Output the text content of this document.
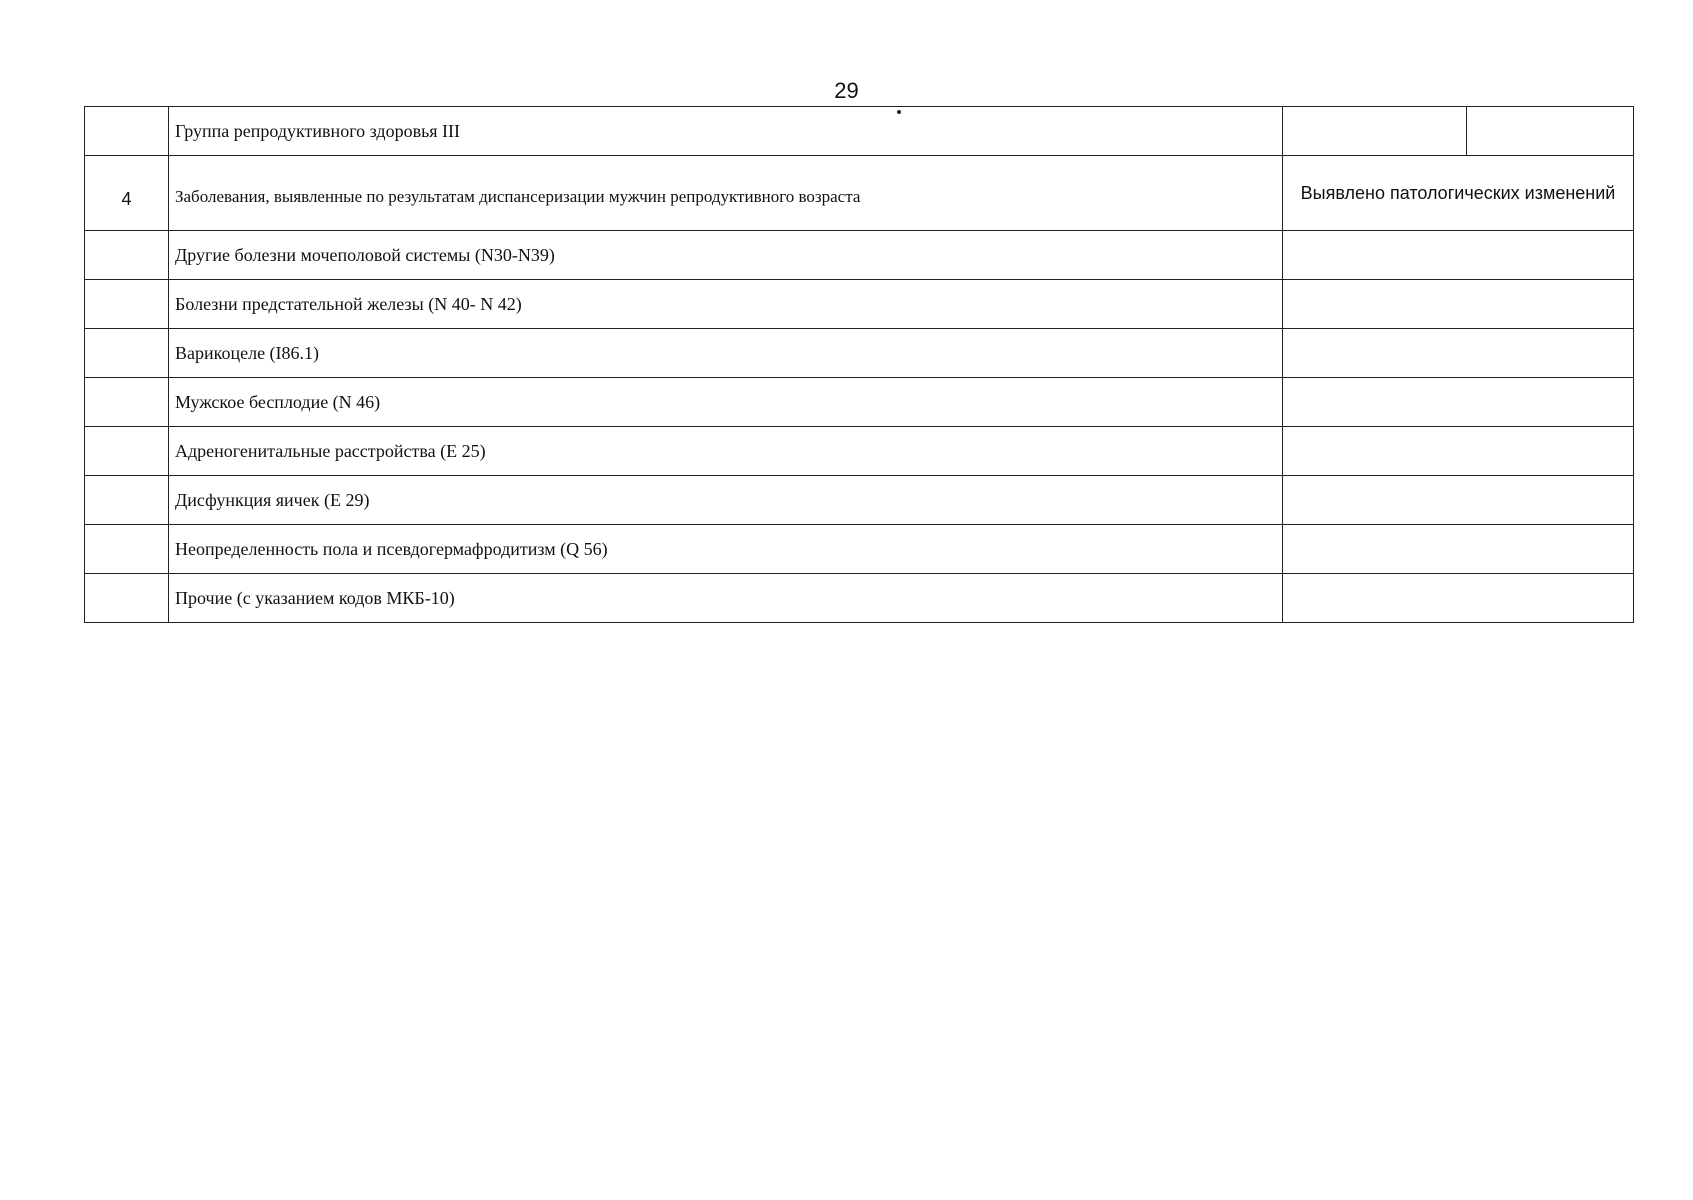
29
	Группа репродуктивного здоровья III	

4	Заболевания, выявленные по результатам диспансеризации мужчин репродуктивного возраста	Выявлено патологических изменений
	Другие болезни мочеполовой системы (N30-N39)	
	Болезни предстательной железы (N 40- N 42)	
	Варикоцеле (I86.1)	
	Мужское бесплодие (N 46)	
	Адреногенитальные расстройства (E 25)	
	Дисфункция яичек (E 29)	
	Неопределенность пола и псевдогермафродитизм (Q 56)	
	Прочие (с указанием кодов МКБ-10)	
